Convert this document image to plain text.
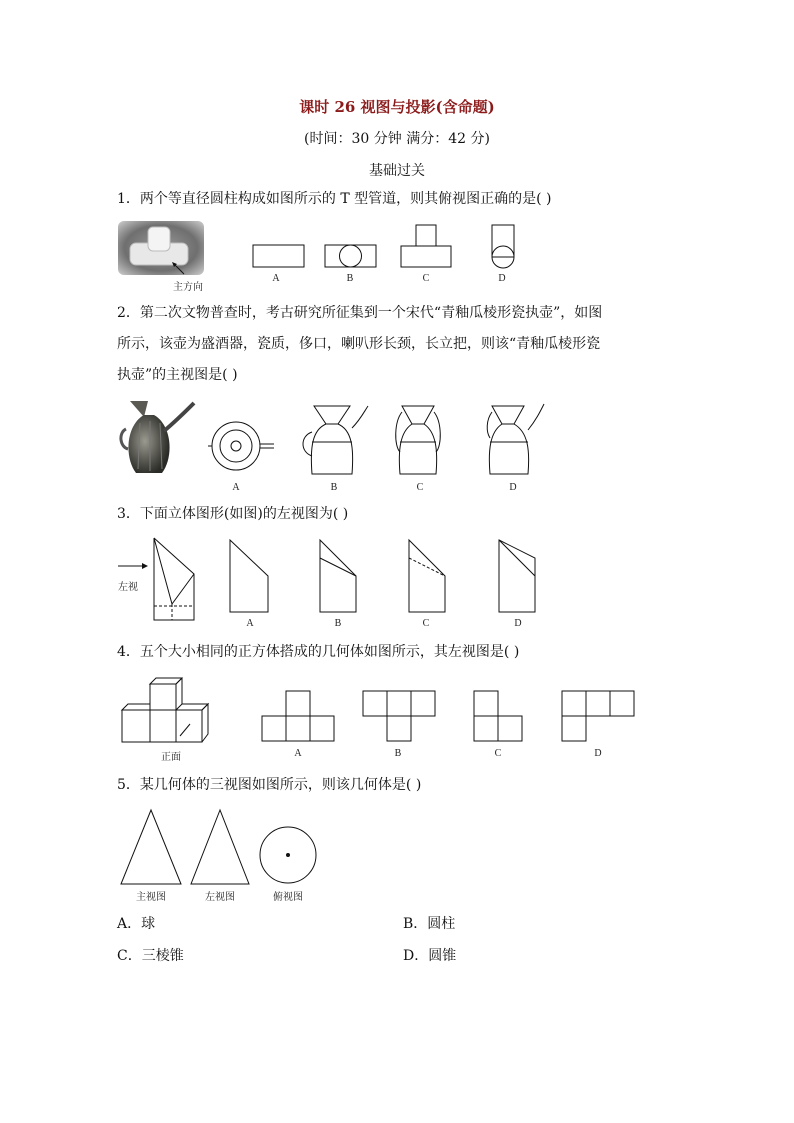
课时 26 视图与投影(含命题)
(时间：30 分钟 满分：42 分)
基础过关
1．两个等直径圆柱构成如图所示的 T 型管道，则其俯视图正确的是( )
主方向
A	B	C	D
2．第二次文物普查时，考古研究所征集到一个宋代“青釉瓜棱形瓷执壶”，如图
所示，该壶为盛酒器，瓷质，侈口，喇叭形长颈，长立把，则该“青釉瓜棱形瓷
执壶”的主视图是( )
A	B	C	D
3．下面立体图形(如图)的左视图为( )
左视
A	B	C	D
4．五个大小相同的正方体搭成的几何体如图所示，其左视图是( )
正面	A	B	C	D
5．某几何体的三视图如图所示，则该几何体是( )
主视图	左视图	俯视图
A．球	B．圆柱
C．三棱锥	D．圆锥
